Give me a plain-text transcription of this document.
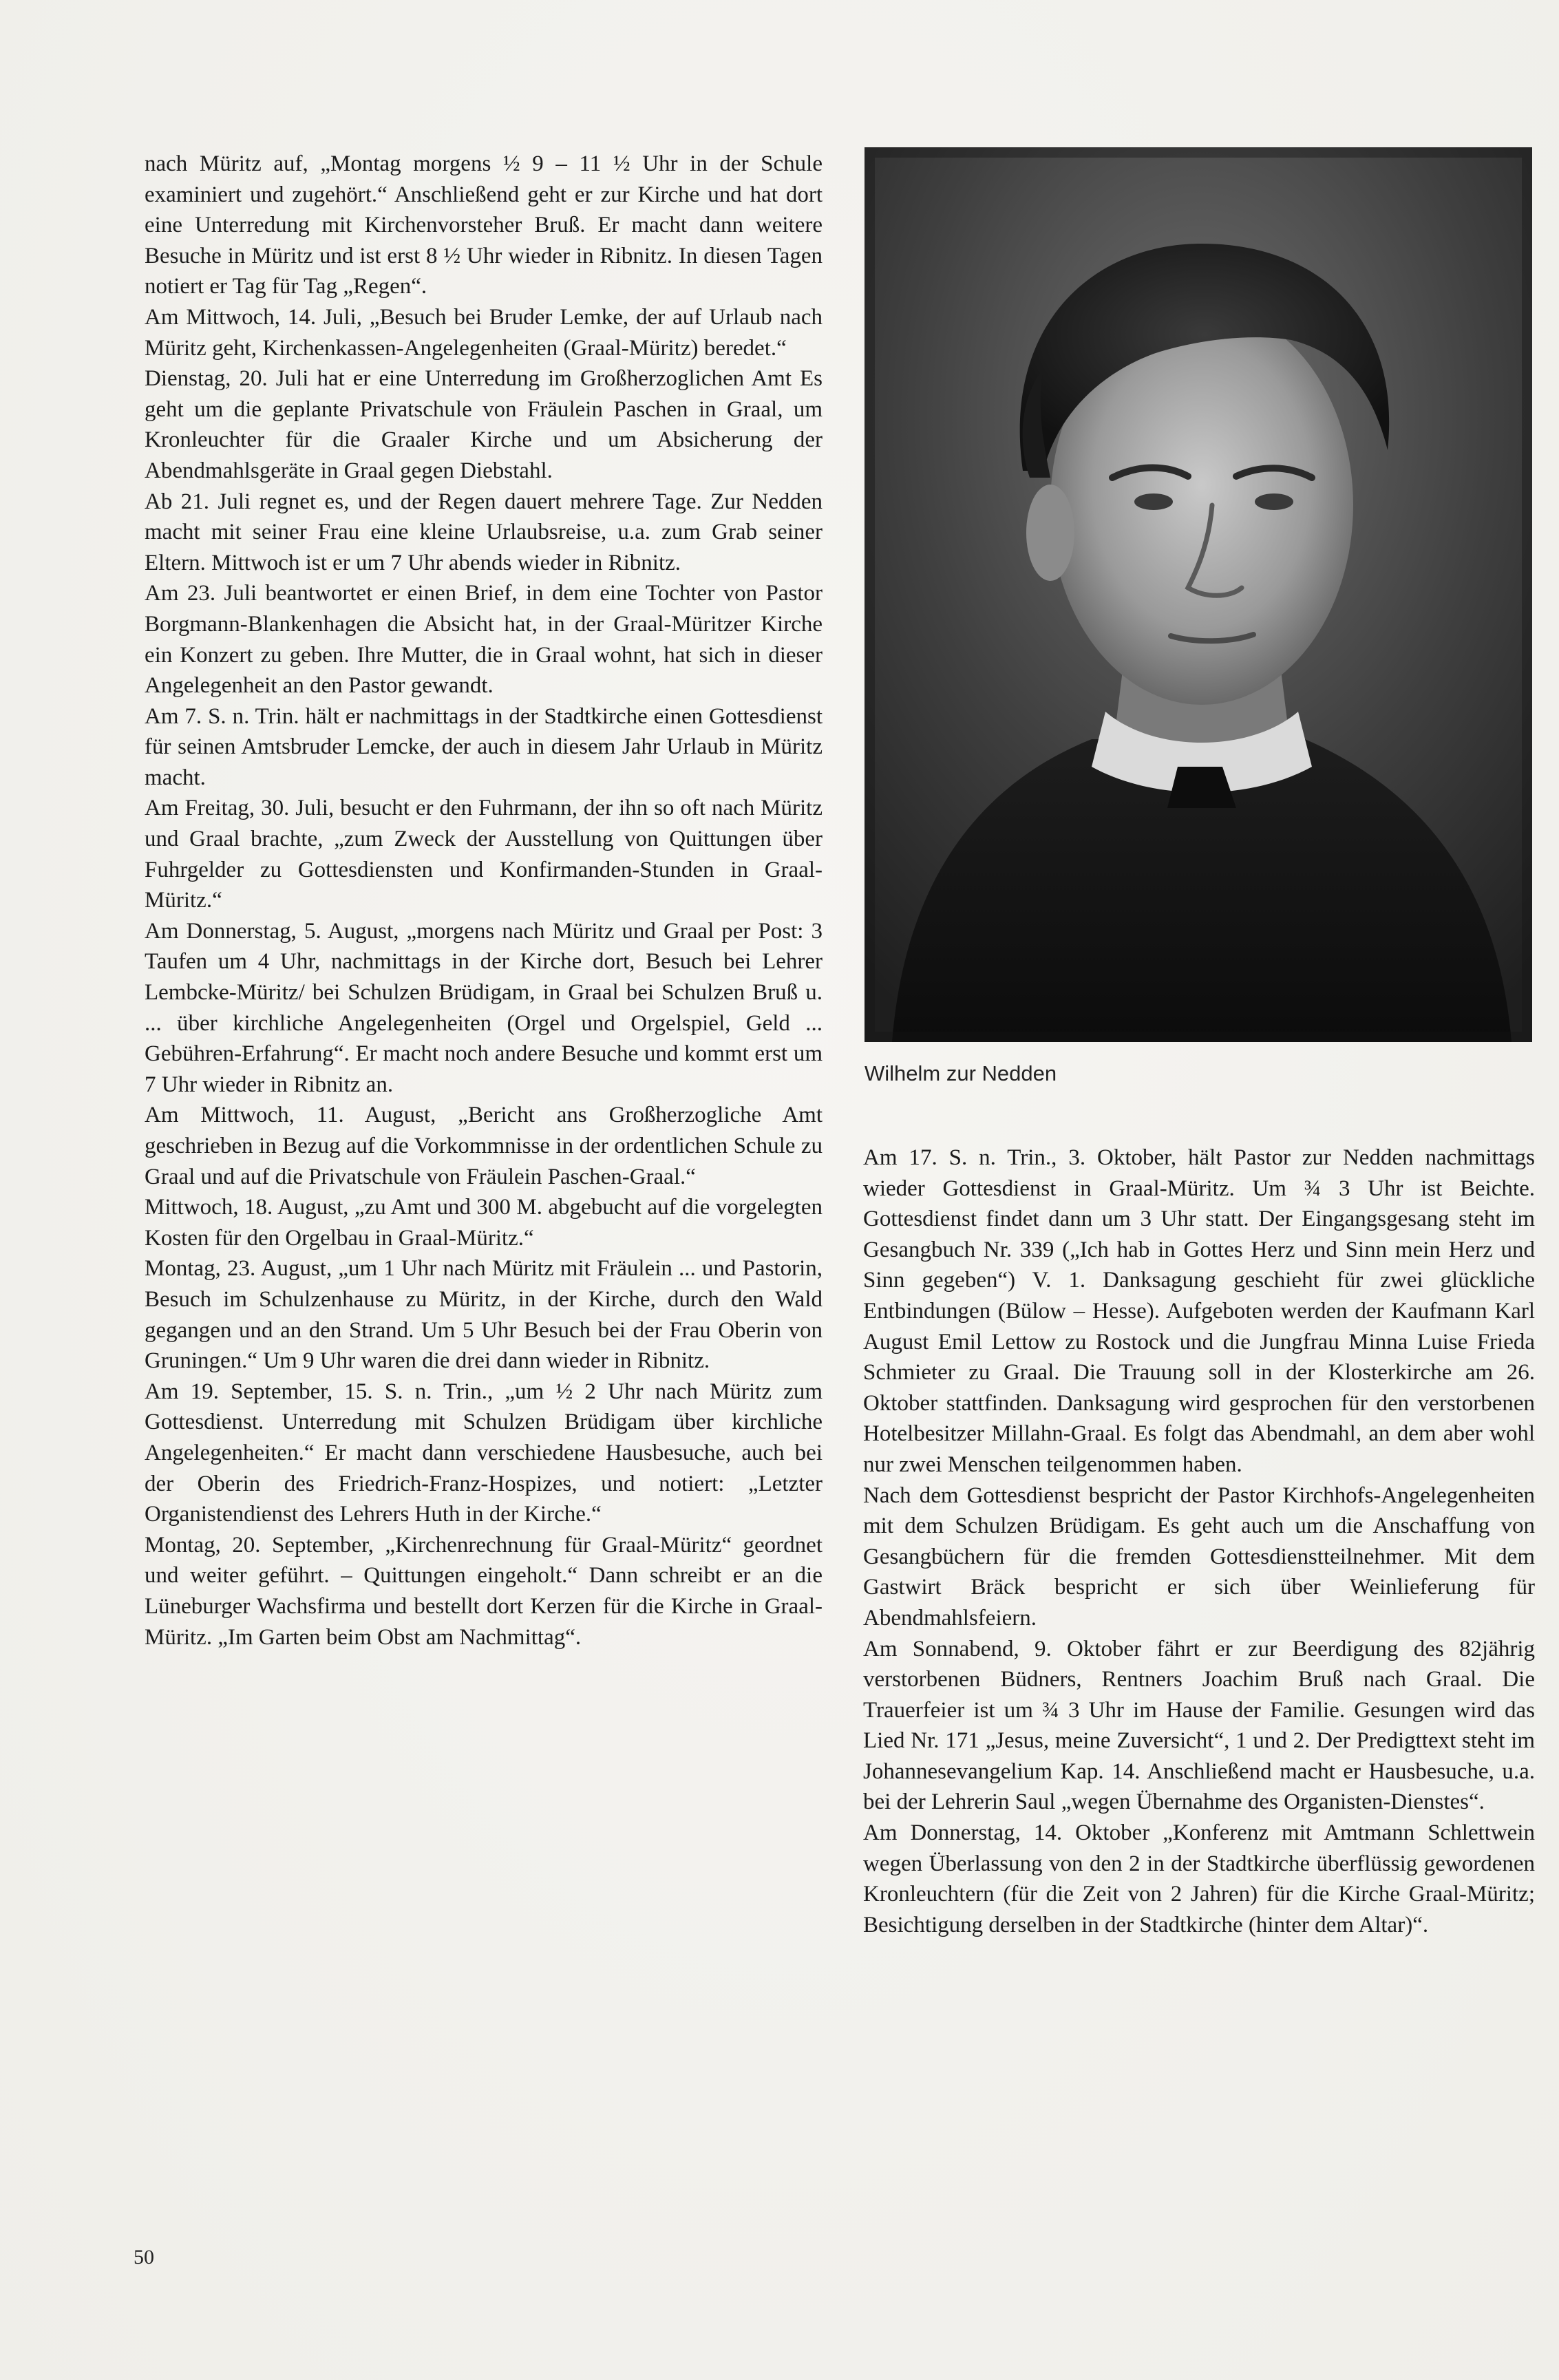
nach Müritz auf, „Montag morgens ½ 9 – 11 ½ Uhr in der Schule examiniert und zugehört.“ Anschließend geht er zur Kirche und hat dort eine Unterredung mit Kirchenvorsteher Bruß. Er macht dann weitere Besuche in Müritz und ist erst 8 ½ Uhr wieder in Ribnitz. In diesen Tagen notiert er Tag für Tag „Regen“.

Am Mittwoch, 14. Juli, „Besuch bei Bruder Lemke, der auf Urlaub nach Müritz geht, Kirchenkassen-Angelegenheiten (Graal-Müritz) beredet.“

Dienstag, 20. Juli hat er eine Unterredung im Großherzoglichen Amt Es geht um die geplante Privatschule von Fräulein Paschen in Graal, um Kronleuchter für die Graaler Kirche und um Absicherung der Abendmahlsgeräte in Graal gegen Diebstahl.

Ab 21. Juli regnet es, und der Regen dauert mehrere Tage. Zur Nedden macht mit seiner Frau eine kleine Urlaubsreise, u.a. zum Grab seiner Eltern. Mittwoch ist er um 7 Uhr abends wieder in Ribnitz.

Am 23. Juli beantwortet er einen Brief, in dem eine Tochter von Pastor Borgmann-Blankenhagen die Absicht hat, in der Graal-Müritzer Kirche ein Konzert zu geben. Ihre Mutter, die in Graal wohnt, hat sich in dieser Angelegenheit an den Pastor gewandt.

Am 7. S. n. Trin. hält er nachmittags in der Stadtkirche einen Gottesdienst für seinen Amtsbruder Lemcke, der auch in diesem Jahr Urlaub in Müritz macht.

Am Freitag, 30. Juli, besucht er den Fuhrmann, der ihn so oft nach Müritz und Graal brachte, „zum Zweck der Ausstellung von Quittungen über Fuhrgelder zu Gottesdiensten und Konfirmanden-Stunden in Graal-Müritz.“

Am Donnerstag, 5. August, „morgens nach Müritz und Graal per Post: 3 Taufen um 4 Uhr, nachmittags in der Kirche dort, Besuch bei Lehrer Lembcke-Müritz/ bei Schulzen Brüdigam, in Graal bei Schulzen Bruß u. ... über kirchliche Angelegenheiten (Orgel und Orgelspiel, Geld ... Gebühren-Erfahrung“. Er macht noch andere Besuche und kommt erst um 7 Uhr wieder in Ribnitz an.

Am Mittwoch, 11. August, „Bericht ans Großherzogliche Amt geschrieben in Bezug auf die Vorkommnisse in der ordentlichen Schule zu Graal und auf die Privatschule von Fräulein Paschen-Graal.“

Mittwoch, 18. August, „zu Amt und 300 M. abgebucht auf die vorgelegten Kosten für den Orgelbau in Graal-Müritz.“

Montag, 23. August, „um 1 Uhr nach Müritz mit Fräulein ... und Pastorin, Besuch im Schulzenhause zu Müritz, in der Kirche, durch den Wald gegangen und an den Strand. Um 5 Uhr Besuch bei der Frau Oberin von Gruningen.“ Um 9 Uhr waren die drei dann wieder in Ribnitz.

Am 19. September, 15. S. n. Trin., „um ½ 2 Uhr nach Müritz zum Gottesdienst. Unterredung mit Schulzen Brüdigam über kirchliche Angelegenheiten.“ Er macht dann verschiedene Hausbesuche, auch bei der Oberin des Friedrich-Franz-Hospizes, und notiert: „Letzter Organistendienst des Lehrers Huth in der Kirche.“

Montag, 20. September, „Kirchenrechnung für Graal-Müritz“ geordnet und weiter geführt. – Quittungen eingeholt.“ Dann schreibt er an die Lüneburger Wachsfirma und bestellt dort Kerzen für die Kirche in Graal-Müritz. „Im Garten beim Obst am Nachmittag“.

Wilhelm zur Nedden

Am 17. S. n. Trin., 3. Oktober, hält Pastor zur Nedden nachmittags wieder Gottesdienst in Graal-Müritz. Um ¾ 3 Uhr ist Beichte. Gottesdienst findet dann um 3 Uhr statt. Der Eingangsgesang steht im Gesangbuch Nr. 339 („Ich hab in Gottes Herz und Sinn mein Herz und Sinn gegeben“) V. 1. Danksagung geschieht für zwei glückliche Entbindungen (Bülow – Hesse). Aufgeboten werden der Kaufmann Karl August Emil Lettow zu Rostock und die Jungfrau Minna Luise Frieda Schmieter zu Graal. Die Trauung soll in der Klosterkirche am 26. Oktober stattfinden. Danksagung wird gesprochen für den verstorbenen Hotelbesitzer Millahn-Graal. Es folgt das Abendmahl, an dem aber wohl nur zwei Menschen teilgenommen haben.

Nach dem Gottesdienst bespricht der Pastor Kirchhofs-Angelegenheiten mit dem Schulzen Brüdigam. Es geht auch um die Anschaffung von Gesangbüchern für die fremden Gottesdienstteilnehmer. Mit dem Gastwirt Bräck bespricht er sich über Weinlieferung für Abendmahlsfeiern.

Am Sonnabend, 9. Oktober fährt er zur Beerdigung des 82jährig verstorbenen Büdners, Rentners Joachim Bruß nach Graal. Die Trauerfeier ist um ¾ 3 Uhr im Hause der Familie. Gesungen wird das Lied Nr. 171 „Jesus, meine Zuversicht“, 1 und 2. Der Predigttext steht im Johannesevangelium Kap. 14. Anschließend macht er Hausbesuche, u.a. bei der Lehrerin Saul „wegen Übernahme des Organisten-Dienstes“.

Am Donnerstag, 14. Oktober „Konferenz mit Amtmann Schlettwein wegen Überlassung von den 2 in der Stadtkirche überflüssig gewordenen Kronleuchtern (für die Zeit von 2 Jahren) für die Kirche Graal-Müritz; Besichtigung derselben in der Stadtkirche (hinter dem Altar)“.

50
